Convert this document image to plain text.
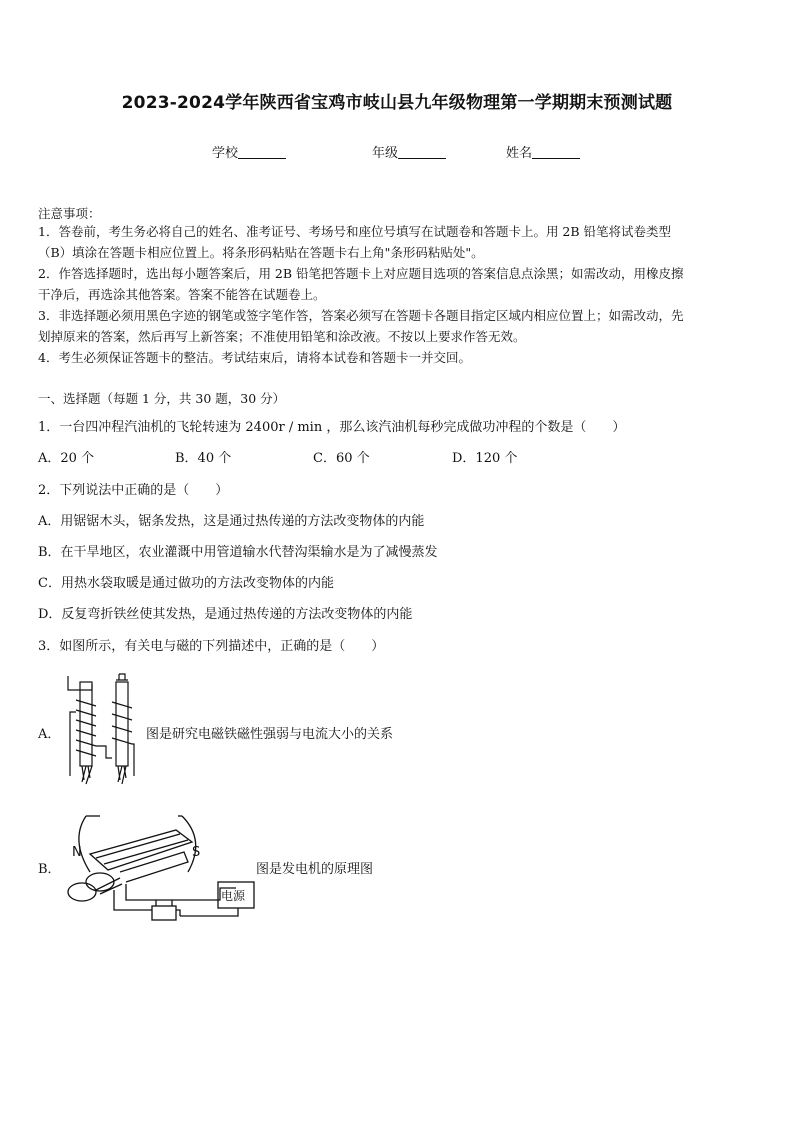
2023-2024学年陕西省宝鸡市岐山县九年级物理第一学期期末预测试题
学校	年级	姓名
注意事项：
1．答卷前，考生务必将自己的姓名、准考证号、考场号和座位号填写在试题卷和答题卡上。用 2B 铅笔将试卷类型
（B）填涂在答题卡相应位置上。将条形码粘贴在答题卡右上角"条形码粘贴处"。
2．作答选择题时，选出每小题答案后，用 2B 铅笔把答题卡上对应题目选项的答案信息点涂黑；如需改动，用橡皮擦
干净后，再选涂其他答案。答案不能答在试题卷上。
3．非选择题必须用黑色字迹的钢笔或签字笔作答，答案必须写在答题卡各题目指定区域内相应位置上；如需改动，先
划掉原来的答案，然后再写上新答案；不准使用铅笔和涂改液。不按以上要求作答无效。
4．考生必须保证答题卡的整洁。考试结束后，请将本试卷和答题卡一并交回。
一、选择题（每题 1 分，共 30 题，30 分）
1．一台四冲程汽油机的飞轮转速为 2400r / min ，那么该汽油机每秒完成做功冲程的个数是（　　）
A．20 个	B．40 个	C．60 个	D．120 个
2．下列说法中正确的是（　　）
A．用锯锯木头，锯条发热，这是通过热传递的方法改变物体的内能
B．在干旱地区，农业灌溉中用管道输水代替沟渠输水是为了减慢蒸发
C．用热水袋取暖是通过做功的方法改变物体的内能
D．反复弯折铁丝使其发热，是通过热传递的方法改变物体的内能
3．如图所示，有关电与磁的下列描述中，正确的是（　　）
A．	图是研究电磁铁磁性强弱与电流大小的关系
B．
N	S
电源
图是发电机的原理图
